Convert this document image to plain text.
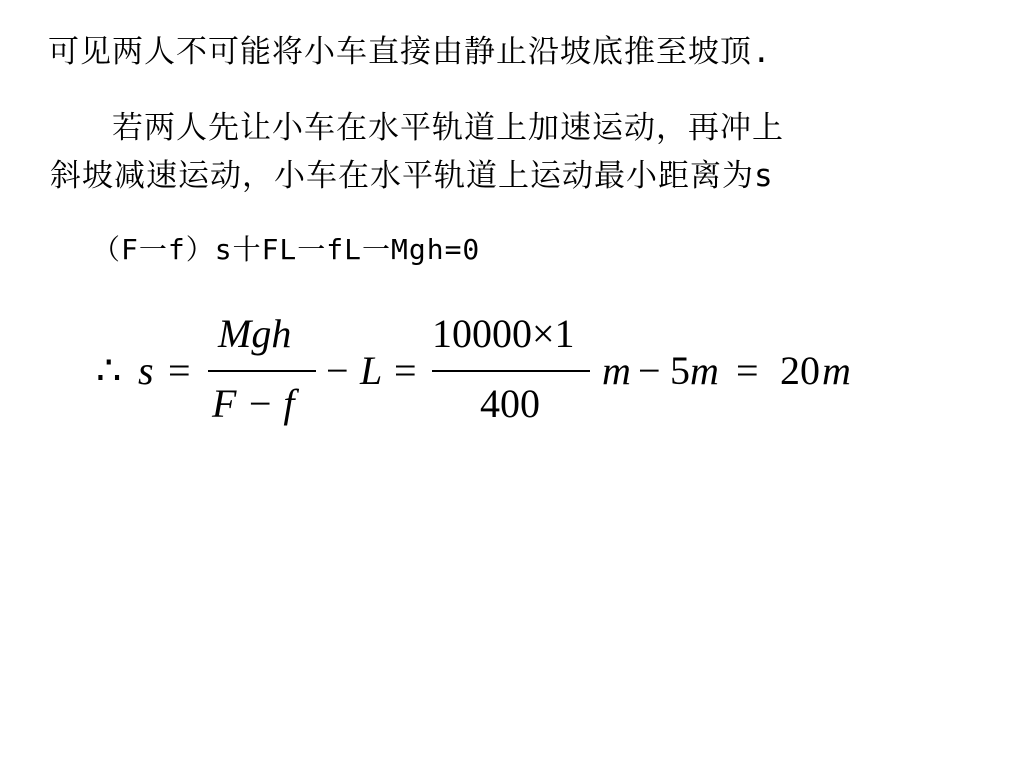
可见两人不可能将小车直接由静止沿坡底推至坡顶.
若两人先让小车在水平轨道上加速运动，再冲上
斜坡减速运动，小车在水平轨道上运动最小距离为s
（F一f）s十FL一fL一Mgh=0
∴ s =
Mgh
F − f
− L =
10000×1
400
m − 5 m = 20 m
